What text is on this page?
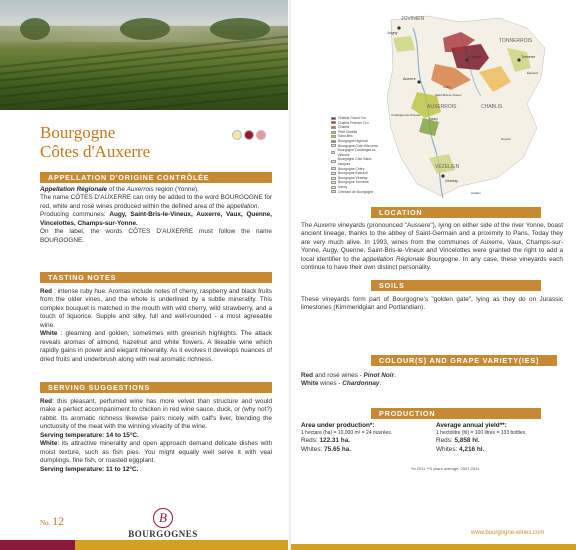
Bourgogne
Côtes d'Auxerre
APPELLATION D'ORIGINE CONTRÔLÉE

Appellation Régionale of the Auxerrois region (Yonne).

The name CÔTES D'AUXERRE can only be added to the word BOURGOGNE for red, white and rosé wines produced within the defined area of the appellation.

Producing communes: Augy, Saint-Bris-le-Vineux, Auxerre, Vaux, Quenne, Vincelottes, Champs-sur-Yonne.

On the label, the words CÔTES D'AUXERRE must follow the name BOURGOGNE.

TASTING NOTES

Red : intense ruby hue. Aromas include notes of cherry, raspberry and black fruits from the older vines, and the whole is underlined by a subtle minerality. This complex bouquet is matched in the mouth with wild cherry, wild strawberry, and a touch of liquorice. Supple and silky, full and well-rounded - a most agreeable wine.

White : gleaming and golden, sometimes with greenish highlights. The attack reveals aromas of almond, hazelnut and white flowers. A likeable wine which rapidly gains in power and elegant minerality. As it evolves it develops nuances of dried fruits and underbrush along with real aromatic richness.

SERVING SUGGESTIONS

Red: this pleasant, perfumed wine has more velvet than structure and would make a perfect accompaniment to chicken in red wine sauce, duck, or (why not?) rabbit. Its aromatic richness likewise pairs nicely with calf's liver, blending the unctuosity of the meat with the winning vivacity of the wine.

Serving temperature: 14 to 15°C.

White: its attractive minerality and open approach demand delicate dishes with moist texture, such as fish pies. You might equally well serve it with veal dumplings, fine fish, or roasted eggplant.

Serving temperature: 11 to 12°C.

No. 12	B
BOURGOGNES
JOVINIEN
TONNERROIS
AUXERROIS	CHABLIS
VÉZELIEN
Auxerre
Chablis
Vézelay
Tonnerre
Joigny
Irancy
Coulanges-la-Vineuse
Saint-Bris-le-Vineux
Chitry
Épineuil
Noyers
Avallon
Chablis Grand Cru
Chablis Premier Cru
Chablis
Petit Chablis
Saint-Bris
Bourgogne régional
Bourgogne Côte d'Auxerre
Bourgogne Coulanges-la-Vineuse
Bourgogne Côte Saint-Jacques
Bourgogne Chitry
Bourgogne Épineuil
Bourgogne Vézelay
Bourgogne Tonnerre
Irancy
Crémant de Bourgogne
LOCATION
The Auxerre vineyards (pronounced "Aussere"), lying on either side of the river Yonne, boast ancient lineage, thanks to the abbey of Saint-Germain and a proximity to Paris. Today they are very much alive. In 1993, wines from the communes of Auxerre, Vaux, Champs-sur-Yonne, Augy, Quenne, Saint-Bris-le-Vineux and Vincelottes were granted the right to add a local identifier to the appellation Régionale Bourgogne. In any case, these vineyards each continue to have their own distinct personality.
SOILS
These vineyards form part of Bourgogne's "golden gate", lying as they do on Jurassic limestones (Kimmeridgian and Portlandian).
COLOUR(S) AND GRAPE VARIETY(IES)

Red and rosé wines - Pinot Noir.

White wines - Chardonnay.

PRODUCTION
Area under production*:
1 hectare (ha) = 10,000 m² = 24 ouvrées.
Reds: 122.31 ha.
Whites: 75.65 ha.
Average annual yield**:
1 hectolitre (hl) = 100 litres = 133 bottles.
Reds: 5,858 hl.
Whites: 4,216 hl.
*in 2011 **5 years average, 2007-2011
www.bourgogne-wines.com
